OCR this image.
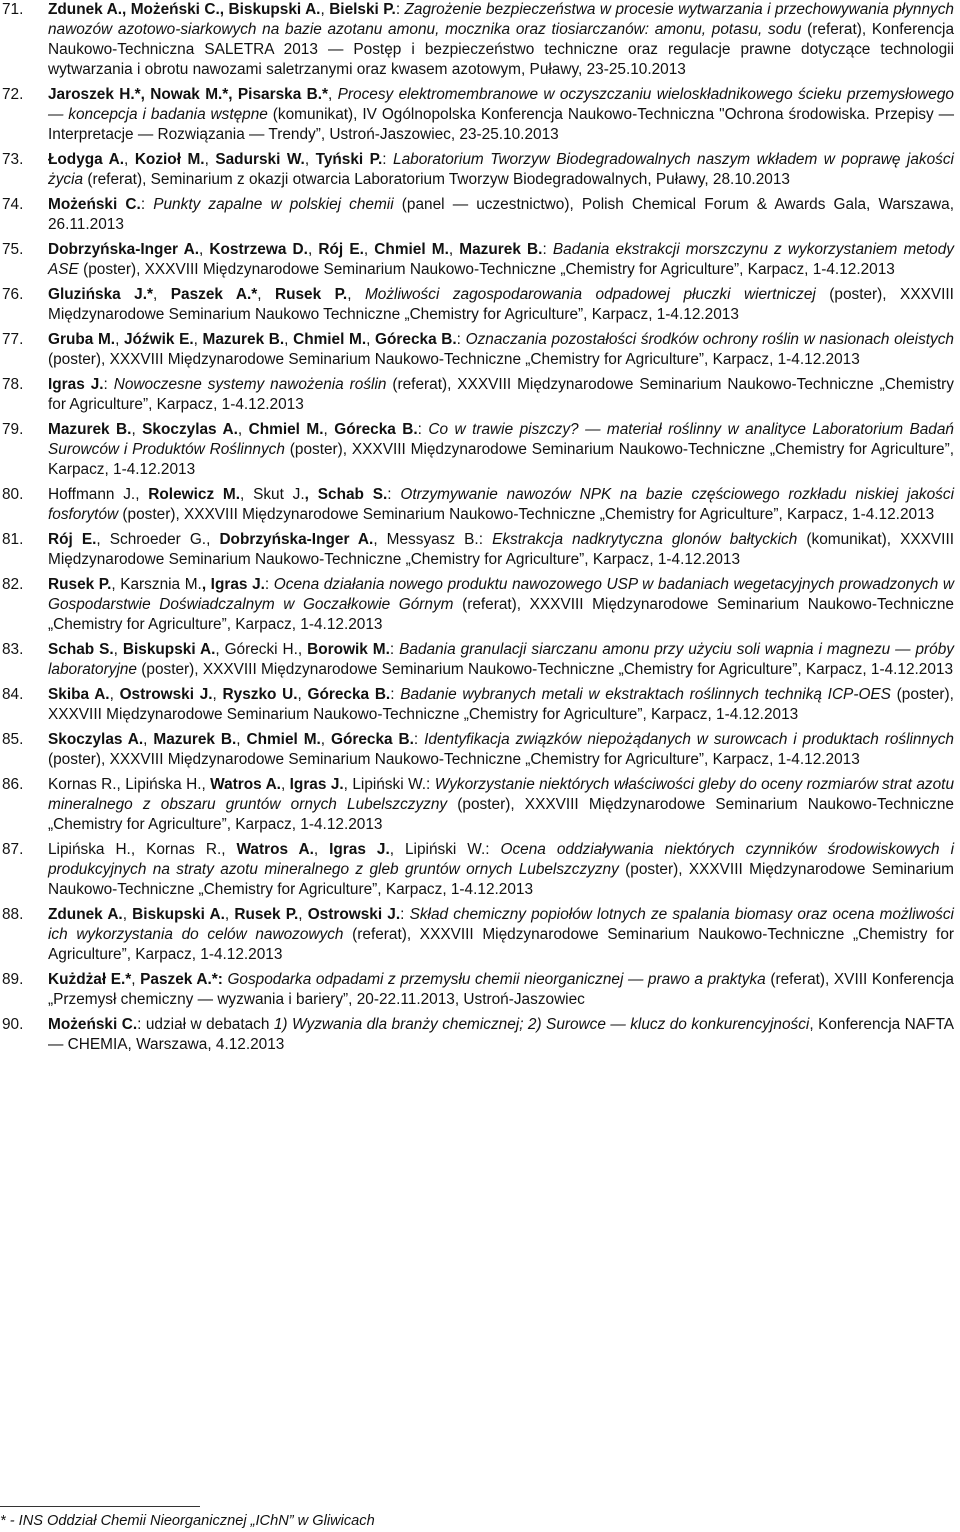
71.	Zdunek A., Możeński C., Biskupski A., Bielski P.: Zagrożenie bezpieczeństwa w procesie wytwarzania i przechowywania płynnych nawozów azotowo-siarkowych na bazie azotanu amonu, mocznika oraz tiosiarczanów: amonu, potasu, sodu (referat), Konferencja Naukowo-Techniczna SALETRA 2013 ― Postęp i bezpieczeństwo techniczne oraz regulacje prawne dotyczące technologii wytwarzania i obrotu nawozami saletrzanymi oraz kwasem azotowym, Puławy, 23-25.10.2013
72.	Jaroszek H.*, Nowak M.*, Pisarska B.*, Procesy elektromembranowe w oczyszczaniu wieloskładnikowego ścieku przemysłowego ― koncepcja i badania wstępne (komunikat), IV Ogólnopolska Konferencja Naukowo-Techniczna "Ochrona środowiska. Przepisy ― Interpretacje ― Rozwiązania ― Trendy”, Ustroń-Jaszowiec, 23-25.10.2013
73.	Łodyga A., Kozioł M., Sadurski W., Tyński P.: Laboratorium Tworzyw Biodegradowalnych naszym wkładem w poprawę jakości życia (referat), Seminarium z okazji otwarcia Laboratorium Tworzyw Biodegradowalnych, Puławy, 28.10.2013
74.	Możeński C.: Punkty zapalne w polskiej chemii (panel ― uczestnictwo), Polish Chemical Forum & Awards Gala, Warszawa, 26.11.2013
75.	Dobrzyńska-Inger A., Kostrzewa D., Rój E., Chmiel M., Mazurek B.: Badania ekstrakcji morszczynu z wykorzystaniem metody ASE (poster), XXXVIII Międzynarodowe Seminarium Naukowo-Techniczne „Chemistry for Agriculture”, Karpacz, 1-4.12.2013
76.	Gluzińska J.*, Paszek A.*, Rusek P., Możliwości zagospodarowania odpadowej płuczki wiertniczej (poster), XXXVIII Międzynarodowe Seminarium Naukowo Techniczne „Chemistry for Agriculture”, Karpacz, 1-4.12.2013
77.	Gruba M., Jóźwik E., Mazurek B., Chmiel M., Górecka B.: Oznaczania pozostałości środków ochrony roślin w nasionach oleistych (poster), XXXVIII Międzynarodowe Seminarium Naukowo-Techniczne „Chemistry for Agriculture”, Karpacz, 1-4.12.2013
78.	Igras J.: Nowoczesne systemy nawożenia roślin (referat), XXXVIII Międzynarodowe Seminarium Naukowo-Techniczne „Chemistry for Agriculture”, Karpacz, 1-4.12.2013
79.	Mazurek B., Skoczylas A., Chmiel M., Górecka B.: Co w trawie piszczy? ― materiał roślinny w analityce Laboratorium Badań Surowców i Produktów Roślinnych (poster), XXXVIII Międzynarodowe Seminarium Naukowo-Techniczne „Chemistry for Agriculture”, Karpacz, 1-4.12.2013
80.	Hoffmann J., Rolewicz M., Skut J., Schab S.: Otrzymywanie nawozów NPK na bazie częściowego rozkładu niskiej jakości fosforytów (poster), XXXVIII Międzynarodowe Seminarium Naukowo-Techniczne „Chemistry for Agriculture”, Karpacz, 1-4.12.2013
81.	Rój E., Schroeder G., Dobrzyńska-Inger A., Messyasz B.: Ekstrakcja nadkrytyczna glonów bałtyckich (komunikat), XXXVIII Międzynarodowe Seminarium Naukowo-Techniczne „Chemistry for Agriculture”, Karpacz, 1-4.12.2013
82.	Rusek P., Karsznia M., Igras J.: Ocena działania nowego produktu nawozowego USP w badaniach wegetacyjnych prowadzonych w Gospodarstwie Doświadczalnym w Goczałkowie Górnym (referat), XXXVIII Międzynarodowe Seminarium Naukowo-Techniczne „Chemistry for Agriculture”, Karpacz, 1-4.12.2013
83.	Schab S., Biskupski A., Górecki H., Borowik M.: Badania granulacji siarczanu amonu przy użyciu soli wapnia i magnezu ― próby laboratoryjne (poster), XXXVIII Międzynarodowe Seminarium Naukowo-Techniczne „Chemistry for Agriculture”, Karpacz, 1-4.12.2013
84.	Skiba A., Ostrowski J., Ryszko U., Górecka B.: Badanie wybranych metali w ekstraktach roślinnych techniką ICP-OES (poster), XXXVIII Międzynarodowe Seminarium Naukowo-Techniczne „Chemistry for Agriculture”, Karpacz, 1-4.12.2013
85.	Skoczylas A., Mazurek B., Chmiel M., Górecka B.: Identyfikacja związków niepożądanych w surowcach i produktach roślinnych (poster), XXXVIII Międzynarodowe Seminarium Naukowo-Techniczne „Chemistry for Agriculture”, Karpacz, 1-4.12.2013
86.	Kornas R., Lipińska H., Watros A., Igras J., Lipiński W.: Wykorzystanie niektórych właściwości gleby do oceny rozmiarów strat azotu mineralnego z obszaru gruntów ornych Lubelszczyzny (poster), XXXVIII Międzynarodowe Seminarium Naukowo-Techniczne „Chemistry for Agriculture”, Karpacz, 1-4.12.2013
87.	Lipińska H., Kornas R., Watros A., Igras J., Lipiński W.: Ocena oddziaływania niektórych czynników środowiskowych i produkcyjnych na straty azotu mineralnego z gleb gruntów ornych Lubelszczyzny (poster), XXXVIII Międzynarodowe Seminarium Naukowo-Techniczne „Chemistry for Agriculture”, Karpacz, 1-4.12.2013
88.	Zdunek A., Biskupski A., Rusek P., Ostrowski J.: Skład chemiczny popiołów lotnych ze spalania biomasy oraz ocena możliwości ich wykorzystania do celów nawozowych (referat), XXXVIII Międzynarodowe Seminarium Naukowo-Techniczne „Chemistry for Agriculture”, Karpacz, 1-4.12.2013
89.	Kużdżał E.*, Paszek A.*: Gospodarka odpadami z przemysłu chemii nieorganicznej ― prawo a praktyka (referat), XVIII Konferencja „Przemysł chemiczny ― wyzwania i bariery”, 20-22.11.2013, Ustroń-Jaszowiec
90.	Możeński C.: udział w debatach 1) Wyzwania dla branży chemicznej; 2) Surowce ― klucz do konkurencyjności, Konferencja NAFTA ― CHEMIA, Warszawa, 4.12.2013
* - INS Oddział Chemii Nieorganicznej „IChN” w Gliwicach
